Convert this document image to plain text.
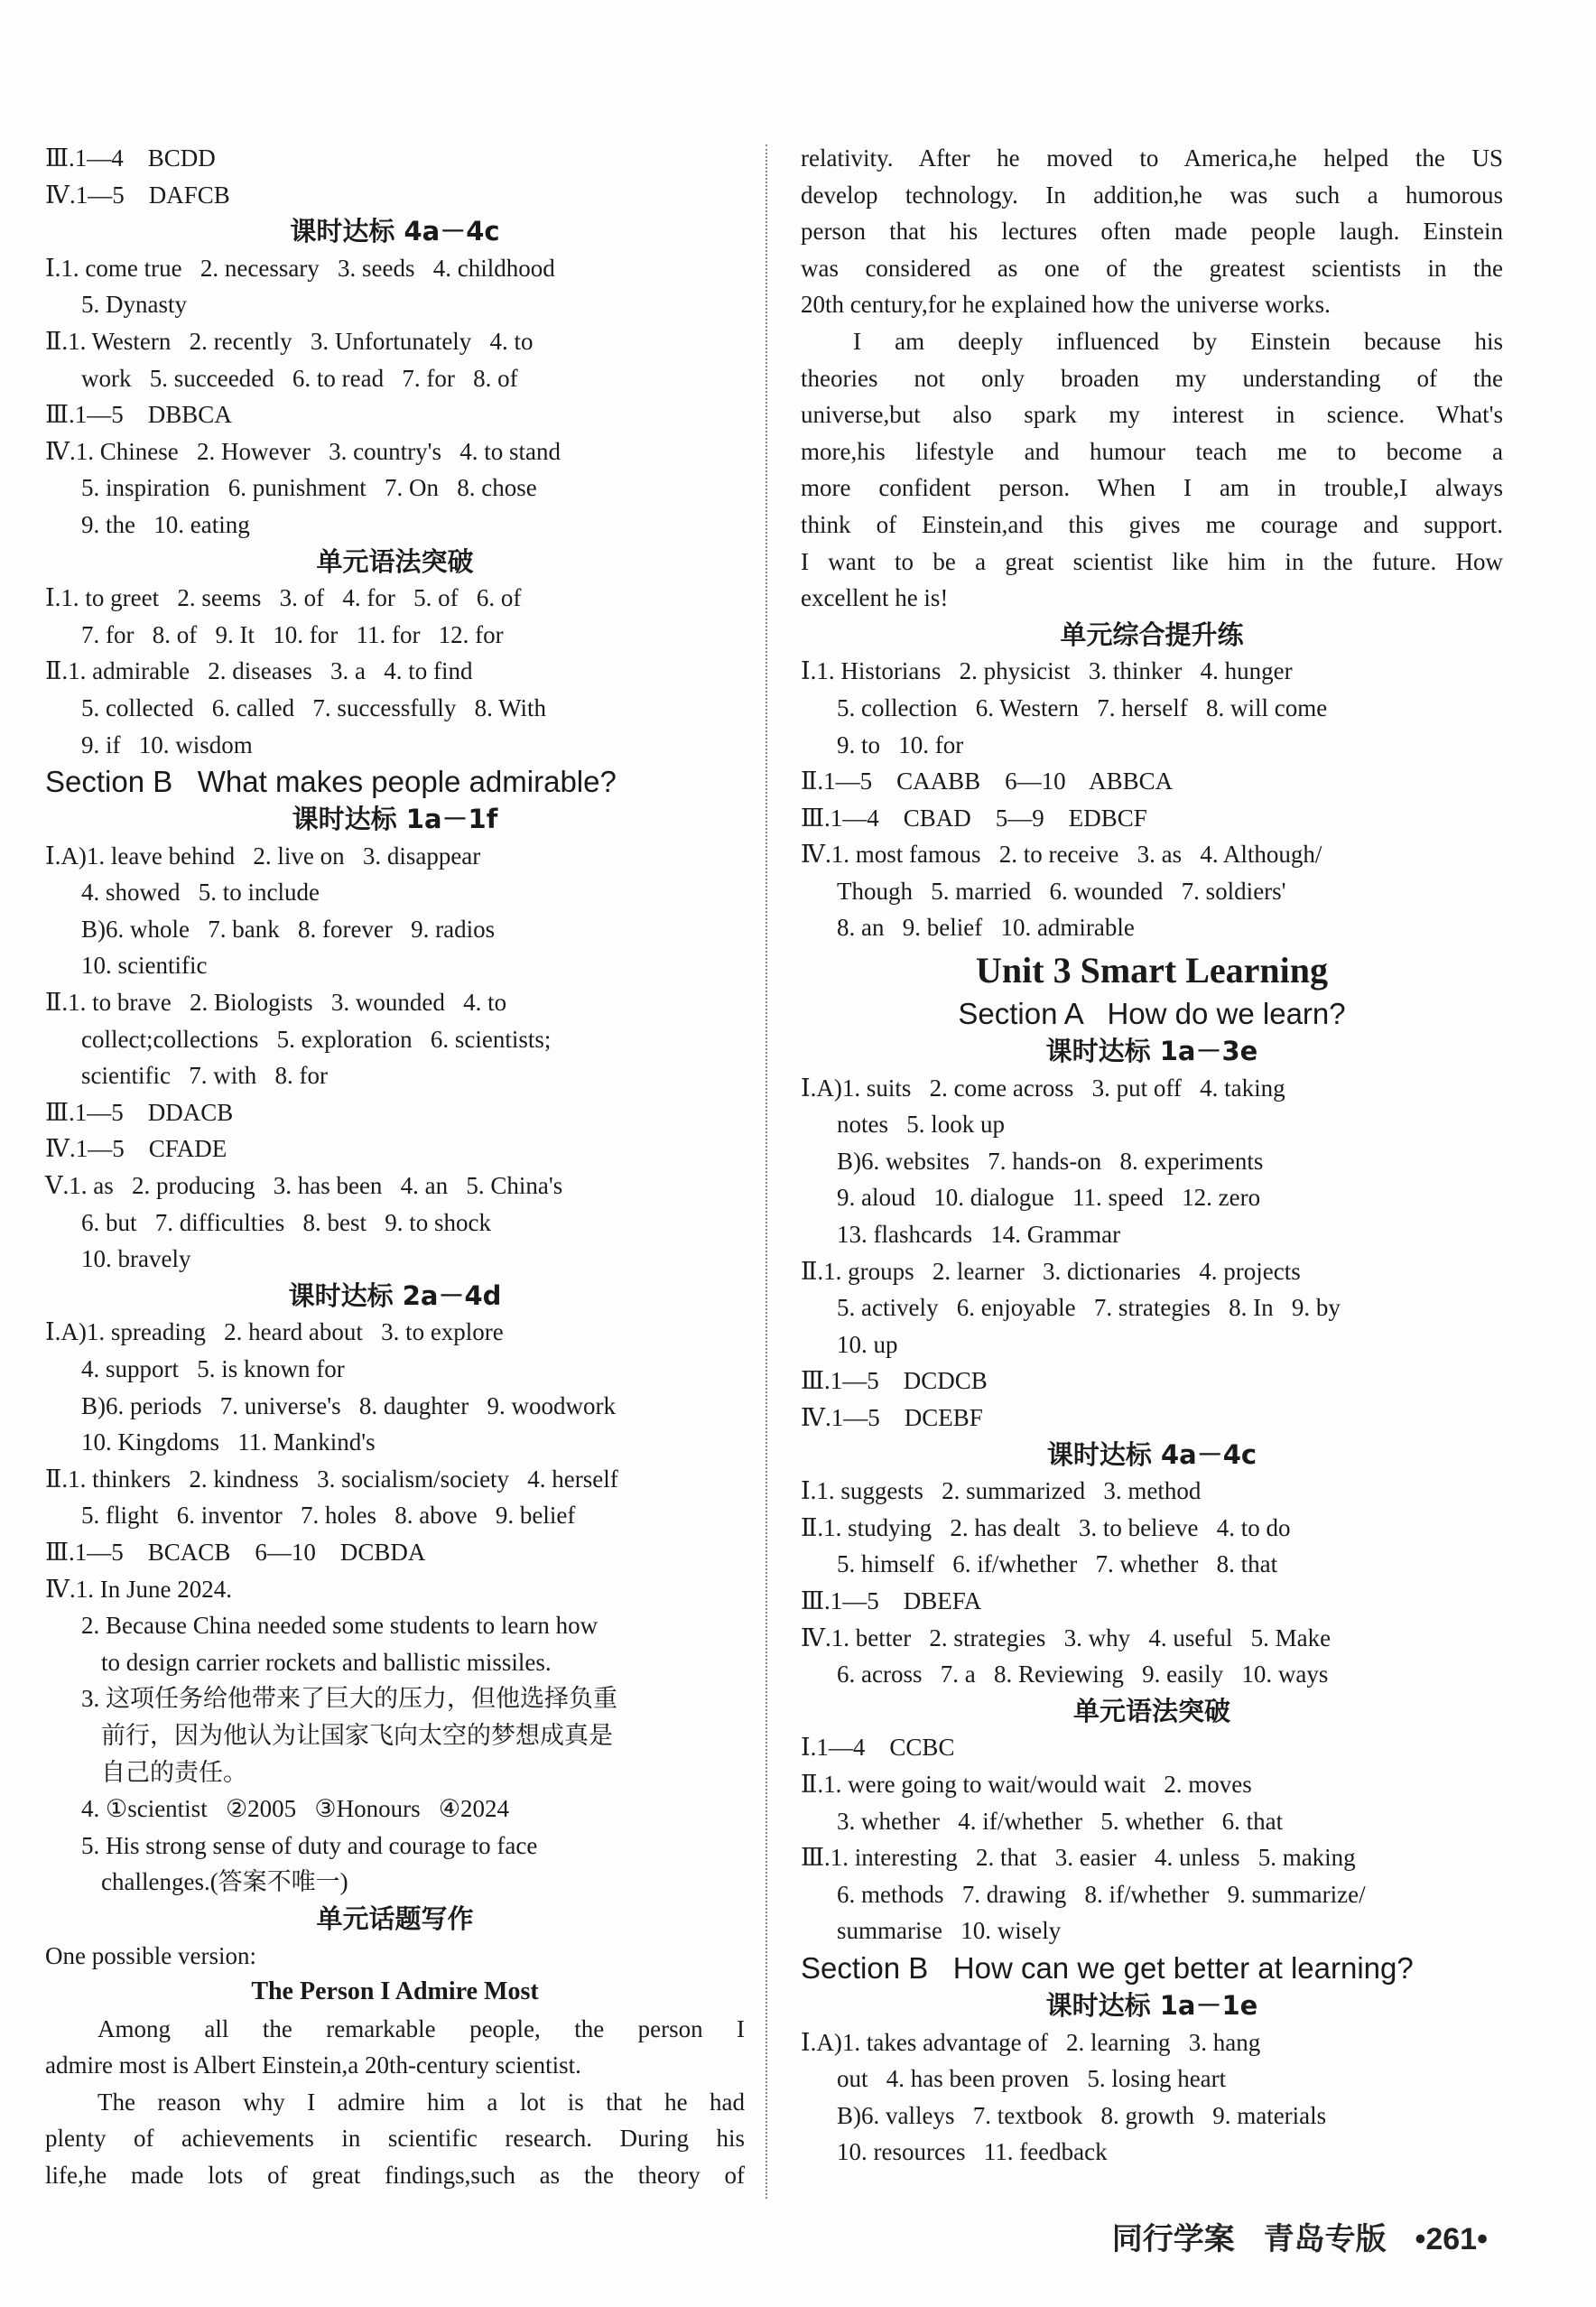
Ⅲ.1—4    BCDD
Ⅳ.1—5    DAFCB
课时达标 4a－4c
Ⅰ.1. come true   2. necessary   3. seeds   4. childhood
5. Dynasty
Ⅱ.1. Western   2. recently   3. Unfortunately   4. to
work   5. succeeded   6. to read   7. for   8. of
Ⅲ.1—5    DBBCA
Ⅳ.1. Chinese   2. However   3. country's   4. to stand
5. inspiration   6. punishment   7. On   8. chose
9. the   10. eating
单元语法突破
Ⅰ.1. to greet   2. seems   3. of   4. for   5. of   6. of
7. for   8. of   9. It   10. for   11. for   12. for
Ⅱ.1. admirable   2. diseases   3. a   4. to find
5. collected   6. called   7. successfully   8. With
9. if   10. wisdom
Section B   What makes people admirable?
课时达标 1a－1f
Ⅰ.A)1. leave behind   2. live on   3. disappear
4. showed   5. to include
B)6. whole   7. bank   8. forever   9. radios
10. scientific
Ⅱ.1. to brave   2. Biologists   3. wounded   4. to
collect;collections   5. exploration   6. scientists;
scientific   7. with   8. for
Ⅲ.1—5    DDACB
Ⅳ.1—5    CFADE
Ⅴ.1. as   2. producing   3. has been   4. an   5. China's
6. but   7. difficulties   8. best   9. to shock
10. bravely
课时达标 2a－4d
Ⅰ.A)1. spreading   2. heard about   3. to explore
4. support   5. is known for
B)6. periods   7. universe's   8. daughter   9. woodwork
10. Kingdoms   11. Mankind's
Ⅱ.1. thinkers   2. kindness   3. socialism/society   4. herself
5. flight   6. inventor   7. holes   8. above   9. belief
Ⅲ.1—5    BCACB    6—10    DCBDA
Ⅳ.1. In June 2024.
2. Because China needed some students to learn how
to design carrier rockets and ballistic missiles.
3. 这项任务给他带来了巨大的压力，但他选择负重
前行，因为他认为让国家飞向太空的梦想成真是
自己的责任。
4. ①scientist   ②2005   ③Honours   ④2024
5. His strong sense of duty and courage to face
challenges.(答案不唯一)
单元话题写作
One possible version:
The Person I Admire Most
Among all the remarkable people, the person I
admire most is Albert Einstein,a 20th-century scientist.
The reason why I admire him a lot is that he had
plenty of achievements in scientific research. During his
life,he made lots of great findings,such as the theory of
relativity. After he moved to America,he helped the US
develop technology. In addition,he was such a humorous
person that his lectures often made people laugh. Einstein
was considered as one of the greatest scientists in the
20th century,for he explained how the universe works.
I am deeply influenced by Einstein because his
theories not only broaden my understanding of the
universe,but also spark my interest in science. What's
more,his lifestyle and humour teach me to become a
more confident person. When I am in trouble,I always
think of Einstein,and this gives me courage and support.
I want to be a great scientist like him in the future. How
excellent he is!
单元综合提升练
Ⅰ.1. Historians   2. physicist   3. thinker   4. hunger
5. collection   6. Western   7. herself   8. will come
9. to   10. for
Ⅱ.1—5    CAABB    6—10    ABBCA
Ⅲ.1—4    CBAD    5—9    EDBCF
Ⅳ.1. most famous   2. to receive   3. as   4. Although/
Though   5. married   6. wounded   7. soldiers'
8. an   9. belief   10. admirable
Unit 3 Smart Learning
Section A   How do we learn?
课时达标 1a－3e
Ⅰ.A)1. suits   2. come across   3. put off   4. taking
notes   5. look up
B)6. websites   7. hands-on   8. experiments
9. aloud   10. dialogue   11. speed   12. zero
13. flashcards   14. Grammar
Ⅱ.1. groups   2. learner   3. dictionaries   4. projects
5. actively   6. enjoyable   7. strategies   8. In   9. by
10. up
Ⅲ.1—5    DCDCB
Ⅳ.1—5    DCEBF
课时达标 4a－4c
Ⅰ.1. suggests   2. summarized   3. method
Ⅱ.1. studying   2. has dealt   3. to believe   4. to do
5. himself   6. if/whether   7. whether   8. that
Ⅲ.1—5    DBEFA
Ⅳ.1. better   2. strategies   3. why   4. useful   5. Make
6. across   7. a   8. Reviewing   9. easily   10. ways
单元语法突破
Ⅰ.1—4    CCBC
Ⅱ.1. were going to wait/would wait   2. moves
3. whether   4. if/whether   5. whether   6. that
Ⅲ.1. interesting   2. that   3. easier   4. unless   5. making
6. methods   7. drawing   8. if/whether   9. summarize/
summarise   10. wisely
Section B   How can we get better at learning?
课时达标 1a－1e
Ⅰ.A)1. takes advantage of   2. learning   3. hang
out   4. has been proven   5. losing heart
B)6. valleys   7. textbook   8. growth   9. materials
10. resources   11. feedback
同行学案 青岛专版 •261•
